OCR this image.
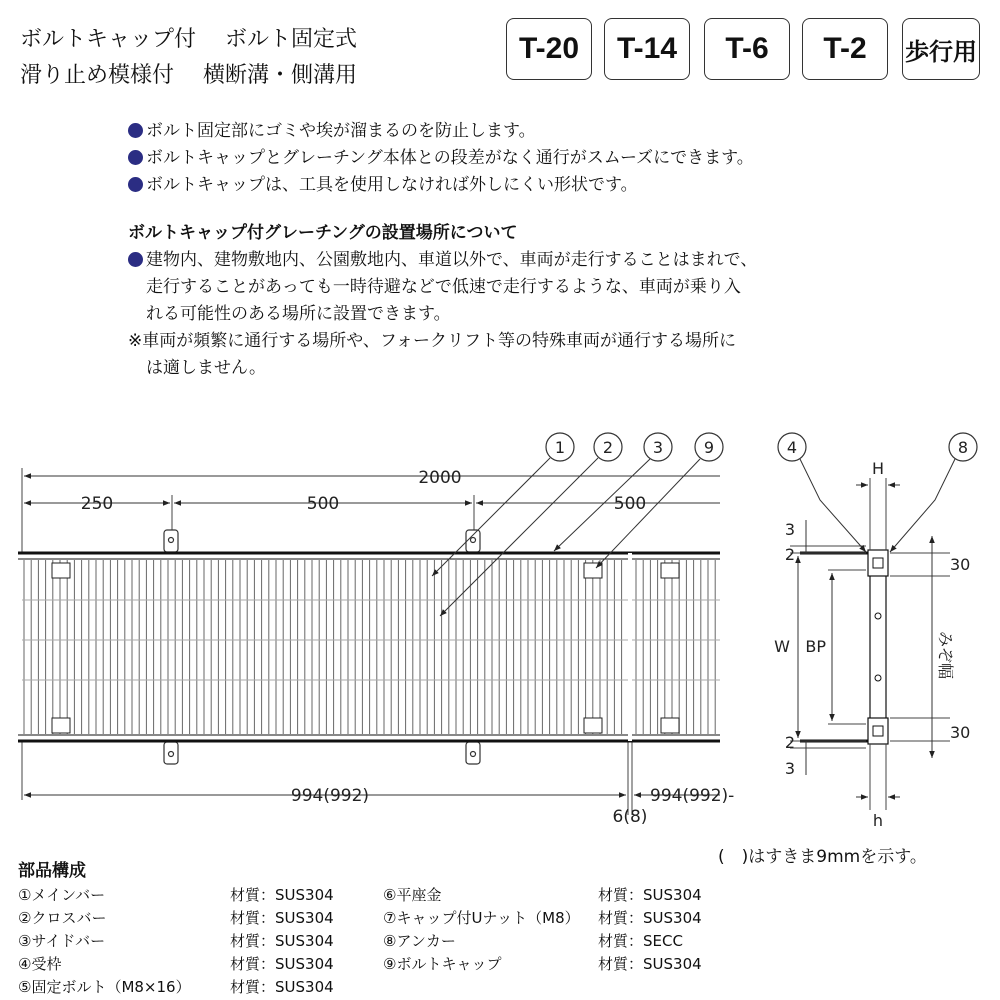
ボルトキャップ付　 ボルト固定式
滑り止め模様付　 横断溝・側溝用
T-20	T-14	T-6	T-2	歩行用
ボルト固定部にゴミや埃が溜まるのを防止します。
ボルトキャップとグレーチング本体との段差がなく通行がスムーズにできます。
ボルトキャップは、工具を使用しなければ外しにくい形状です。
ボルトキャップ付グレーチングの設置場所について
建物内、建物敷地内、公園敷地内、車道以外で、車両が走行することはまれで、
走行することがあっても一時待避などで低速で走行するような、車両が乗り入
れる可能性のある場所に設置できます。
※車両が頻繁に通行する場所や、フォークリフト等の特殊車両が通行する場所に
は適しません。
2000
250	500	500
994(992)	994(992)-
6(8)
1 2 3	9
H
h
3
2
2
3
W BP
30
30
みぞ幅
4	8
(　)はすきま9mmを示す。
部品構成
①メインバー	材質：SUS304
②クロスバー	材質：SUS304
③サイドバー	材質：SUS304
④受枠	材質：SUS304
⑤固定ボルト（M8×16）	材質：SUS304
⑥平座金	材質：SUS304
⑦キャップ付Uナット（M8） 材質：SUS304
⑧アンカー	材質：SECC
⑨ボルトキャップ	材質：SUS304
